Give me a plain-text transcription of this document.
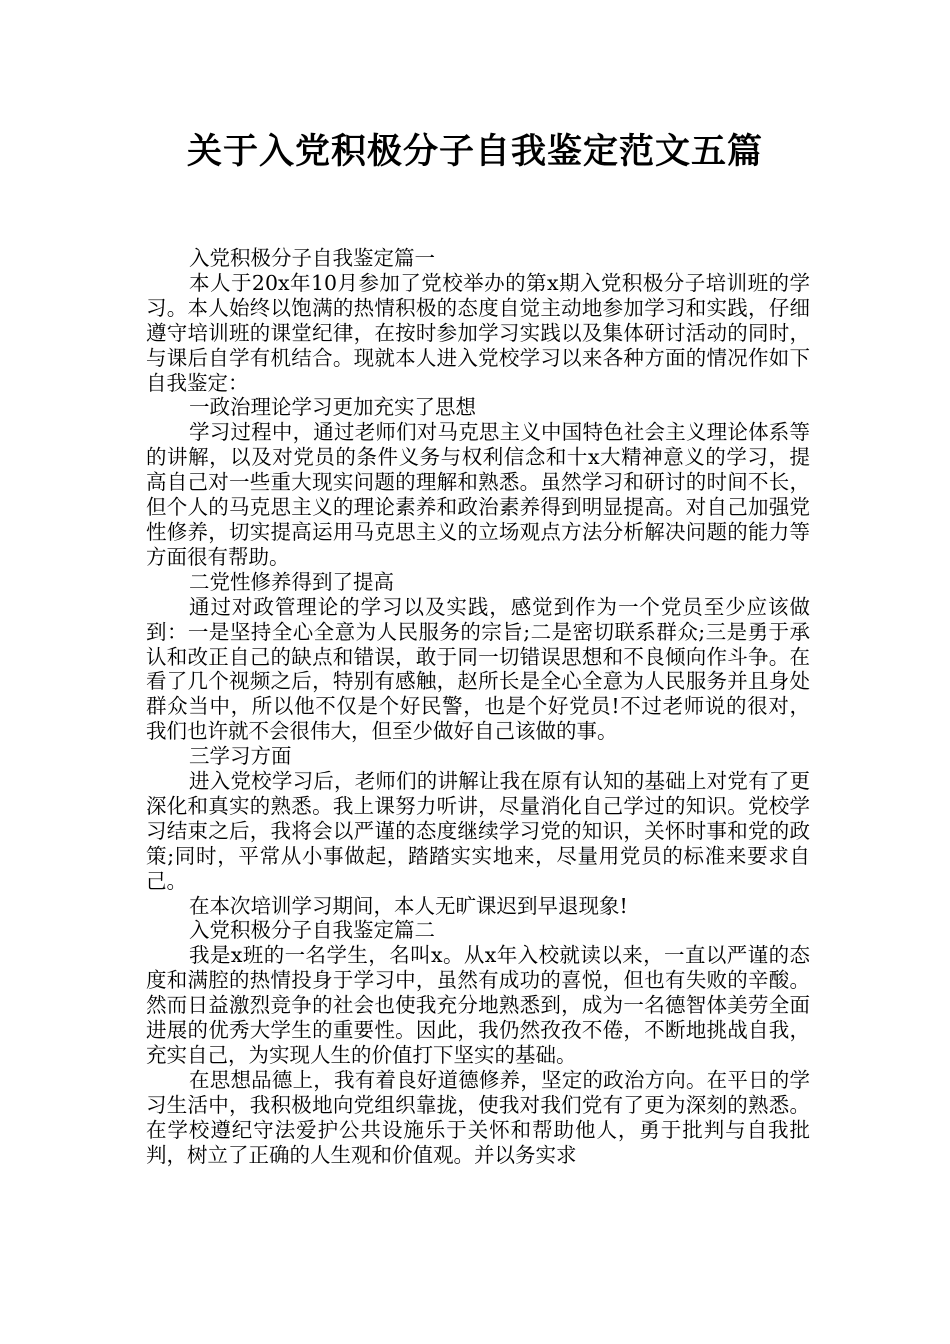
关于入党积极分子自我鉴定范文五篇

入党积极分子自我鉴定篇一

本人于20x年10月参加了党校举办的第x期入党积极分子培训班的学习。本人始终以饱满的热情积极的态度自觉主动地参加学习和实践，仔细遵守培训班的课堂纪律，在按时参加学习实践以及集体研讨活动的同时，与课后自学有机结合。现就本人进入党校学习以来各种方面的情况作如下自我鉴定：

一政治理论学习更加充实了思想

学习过程中，通过老师们对马克思主义中国特色社会主义理论体系等的讲解，以及对党员的条件义务与权利信念和十x大精神意义的学习，提高自己对一些重大现实问题的理解和熟悉。虽然学习和研讨的时间不长，但个人的马克思主义的理论素养和政治素养得到明显提高。对自己加强党性修养，切实提高运用马克思主义的立场观点方法分析解决问题的能力等方面很有帮助。

二党性修养得到了提高

通过对政管理论的学习以及实践，感觉到作为一个党员至少应该做到：一是坚持全心全意为人民服务的宗旨;二是密切联系群众;三是勇于承认和改正自己的缺点和错误，敢于同一切错误思想和不良倾向作斗争。在看了几个视频之后，特别有感触，赵所长是全心全意为人民服务并且身处群众当中，所以他不仅是个好民警，也是个好党员!不过老师说的很对，我们也许就不会很伟大，但至少做好自己该做的事。

三学习方面

进入党校学习后，老师们的讲解让我在原有认知的基础上对党有了更深化和真实的熟悉。我上课努力听讲，尽量消化自己学过的知识。党校学习结束之后，我将会以严谨的态度继续学习党的知识，关怀时事和党的政策;同时，平常从小事做起，踏踏实实地来，尽量用党员的标准来要求自己。

在本次培训学习期间，本人无旷课迟到早退现象!

入党积极分子自我鉴定篇二

我是x班的一名学生，名叫x。从x年入校就读以来，一直以严谨的态度和满腔的热情投身于学习中，虽然有成功的喜悦，但也有失败的辛酸。然而日益激烈竞争的社会也使我充分地熟悉到，成为一名德智体美劳全面进展的优秀大学生的重要性。因此，我仍然孜孜不倦，不断地挑战自我，充实自己，为实现人生的价值打下坚实的基础。

在思想品德上，我有着良好道德修养，坚定的政治方向。在平日的学习生活中，我积极地向党组织靠拢，使我对我们党有了更为深刻的熟悉。在学校遵纪守法爱护公共设施乐于关怀和帮助他人，勇于批判与自我批判，树立了正确的人生观和价值观。并以务实求
